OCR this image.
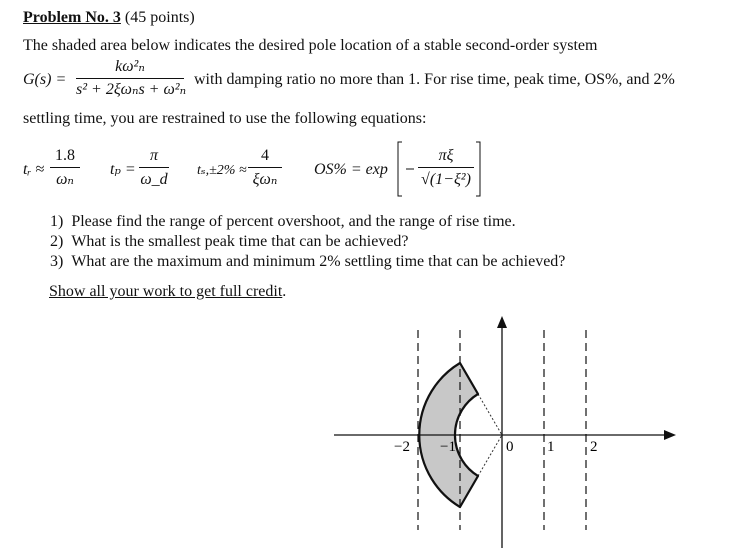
Problem No. 3 (45 points)
The shaded area below indicates the desired pole location of a stable second-order system
G(s) =
kω²ₙ
s² + 2ξωₙs + ω²ₙ
with damping ratio no more than 1. For rise time, peak time, OS%, and 2%
settling time, you are restrained to use the following equations:
tᵣ ≈
1.8
ωₙ
tₚ =
π
ω_d
tₛ,±2% ≈
4
ξωₙ
OS% = exp
πξ
√(1−ξ²)
1) Please find the range of percent overshoot, and the range of rise time.
2) What is the smallest peak time that can be achieved?
3) What are the maximum and minimum 2% settling time that can be achieved?
Show all your work to get full credit.
−2 −1	0 1 2
